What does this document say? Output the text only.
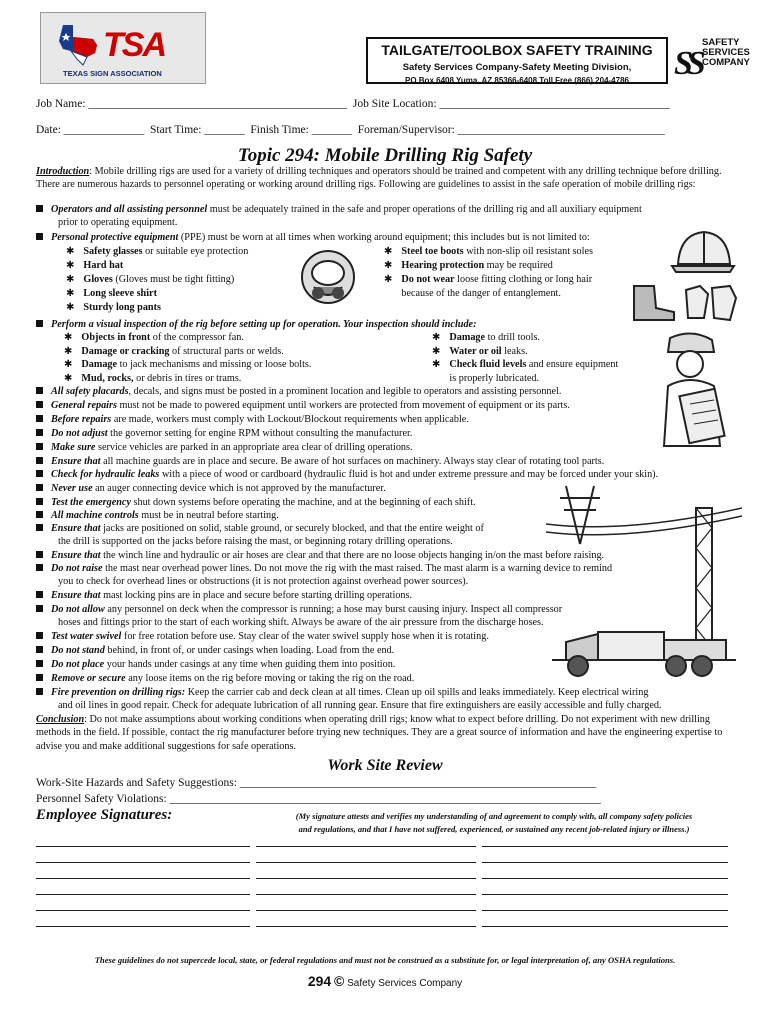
TSA
TEXAS SIGN ASSOCIATION
TAILGATE/TOOLBOX SAFETY TRAINING
Safety Services Company-Safety Meeting Division,
PO Box 6408 Yuma, AZ 85366-6408 Toll Free (866) 204-4786	SS
SAFETY
SERVICES
COMPANY
Job Name: _____________________________________________ Job Site Location: ________________________________________
Date: ______________ Start Time: _______ Finish Time: _______ Foreman/Supervisor: ____________________________________
Topic 294: Mobile Drilling Rig Safety
Introduction: Mobile drilling rigs are used for a variety of drilling techniques and operators should be trained and competent with any drilling technique before drilling. There are numerous hazards to personnel operating or working around drilling rigs. Following are guidelines to assist in the safe operation of mobile drilling rigs:
Operators and all assisting personnel must be adequately trained in the safe and proper operations of the drilling rig and all auxiliary equipment
prior to operating equipment.
Personal protective equipment (PPE) must be worn at all times when working around equipment; this includes but is not limited to:
Perform a visual inspection of the rig before setting up for operation. Your inspection should include:
All safety placards, decals, and signs must be posted in a prominent location and legible to operators and assisting personnel.
General repairs must not be made to powered equipment until workers are protected from movement of equipment or its parts.
Before repairs are made, workers must comply with Lockout/Blockout requirements when applicable.
Do not adjust the governor setting for engine RPM without consulting the manufacturer.
Make sure service vehicles are parked in an appropriate area clear of drilling operations.
Ensure that all machine guards are in place and secure. Be aware of hot surfaces on machinery. Always stay clear of rotating tool parts.
Check for hydraulic leaks with a piece of wood or cardboard (hydraulic fluid is hot and under extreme pressure and may be forced under your skin).
Never use an auger connecting device which is not approved by the manufacturer.
Test the emergency shut down systems before operating the machine, and at the beginning of each shift.
All machine controls must be in neutral before starting.
Ensure that jacks are positioned on solid, stable ground, or securely blocked, and that the entire weight of
the drill is supported on the jacks before raising the mast, or beginning rotary drilling operations.
Ensure that the winch line and hydraulic or air hoses are clear and that there are no loose objects hanging in/on the mast before raising.
Do not raise the mast near overhead power lines. Do not move the rig with the mast raised. The mast alarm is a warning device to remind
you to check for overhead lines or obstructions (it is not protection against overhead power sources).
Ensure that mast locking pins are in place and secure before starting drilling operations.
Do not allow any personnel on deck when the compressor is running; a hose may burst causing injury. Inspect all compressor
hoses and fittings prior to the start of each working shift. Always be aware of the air pressure from the discharge hoses.
Test water swivel for free rotation before use. Stay clear of the water swivel supply hose when it is rotating.
Do not stand behind, in front of, or under casings when loading. Load from the end.
Do not place your hands under casings at any time when guiding them into position.
Remove or secure any loose items on the rig before moving or taking the rig on the road.
Fire prevention on drilling rigs: Keep the carrier cab and deck clean at all times. Clean up oil spills and leaks immediately. Keep electrical wiring
and oil lines in good repair. Check for adequate lubrication of all running gear. Ensure that fire extinguishers are easily accessible and fully charged.
✱ Safety glasses or suitable eye protection
✱ Hard hat
✱ Gloves (Gloves must be tight fitting)
✱ Long sleeve shirt
✱ Sturdy long pants
✱ Steel toe boots with non-slip oil resistant soles
✱ Hearing protection may be required
✱ Do not wear loose fitting clothing or long hair
because of the danger of entanglement.
✱ Objects in front of the compressor fan.
✱ Damage or cracking of structural parts or welds.
✱ Damage to jack mechanisms and missing or loose bolts.
✱ Mud, rocks, or debris in tires or trams.
✱ Damage to drill tools.
✱ Water or oil leaks.
✱ Check fluid levels and ensure equipment
is properly lubricated.
Conclusion: Do not make assumptions about working conditions when operating drill rigs; know what to expect before drilling. Do not experiment with new drilling methods in the field. If possible, contact the rig manufacturer before trying new techniques. They are a great source of information and have the engineering expertise to advise you and make additional suggestions for safe operations.
Work Site Review
Work-Site Hazards and Safety Suggestions: ______________________________________________________________
Personnel Safety Violations: ___________________________________________________________________________
Employee Signatures:	(My signature attests and verifies my understanding of and agreement to comply with, all company safety policies
and regulations, and that I have not suffered, experienced, or sustained any recent job-related injury or illness.)
These guidelines do not supercede local, state, or federal regulations and must not be construed as a substitute for, or legal interpretation of, any OSHA regulations.
294 © Safety Services Company
